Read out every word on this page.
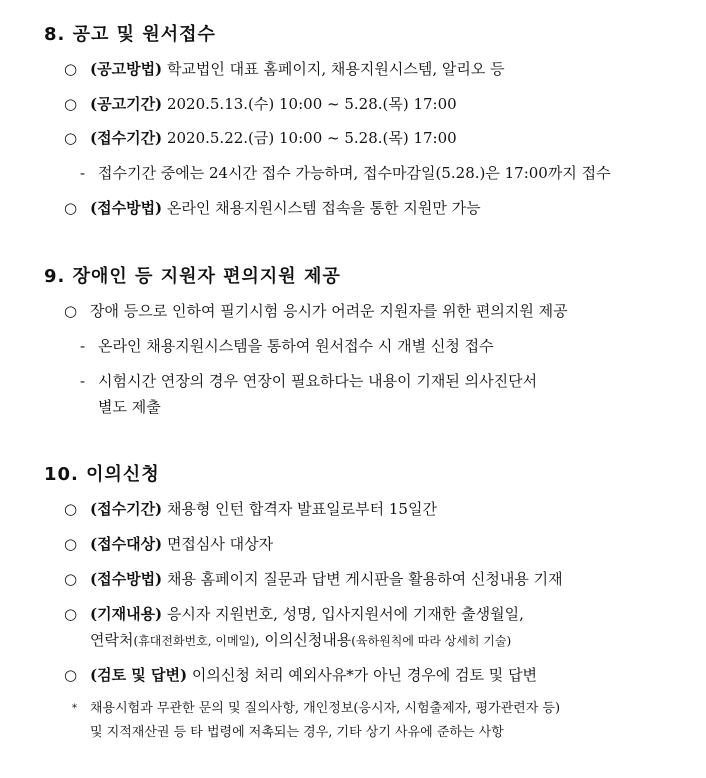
8. 공고 및 원서접수
○ (공고방법) 학교법인 대표 홈페이지, 채용지원시스템, 알리오 등
○ (공고기간) 2020.5.13.(수) 10:00 ~ 5.28.(목) 17:00
○ (접수기간) 2020.5.22.(금) 10:00 ~ 5.28.(목) 17:00
- 접수기간 중에는 24시간 접수 가능하며, 접수마감일(5.28.)은 17:00까지 접수
○ (접수방법) 온라인 채용지원시스템 접속을 통한 지원만 가능
9. 장애인 등 지원자 편의지원 제공
○ 장애 등으로 인하여 필기시험 응시가 어려운 지원자를 위한 편의지원 제공
- 온라인 채용지원시스템을 통하여 원서접수 시 개별 신청 접수
- 시험시간 연장의 경우 연장이 필요하다는 내용이 기재된 의사진단서
별도 제출
10. 이의신청
○ (접수기간) 채용형 인턴 합격자 발표일로부터 15일간
○ (접수대상) 면접심사 대상자
○ (접수방법) 채용 홈페이지 질문과 답변 게시판을 활용하여 신청내용 기재
○ (기재내용) 응시자 지원번호, 성명, 입사지원서에 기재한 출생월일,
연락처(휴대전화번호, 이메일), 이의신청내용(육하원칙에 따라 상세히 기술)
○ (검토 및 답변) 이의신청 처리 예외사유*가 아닌 경우에 검토 및 답변
* 채용시험과 무관한 문의 및 질의사항, 개인정보(응시자, 시험출제자, 평가관련자 등)
및 지적재산권 등 타 법령에 저촉되는 경우, 기타 상기 사유에 준하는 사항
